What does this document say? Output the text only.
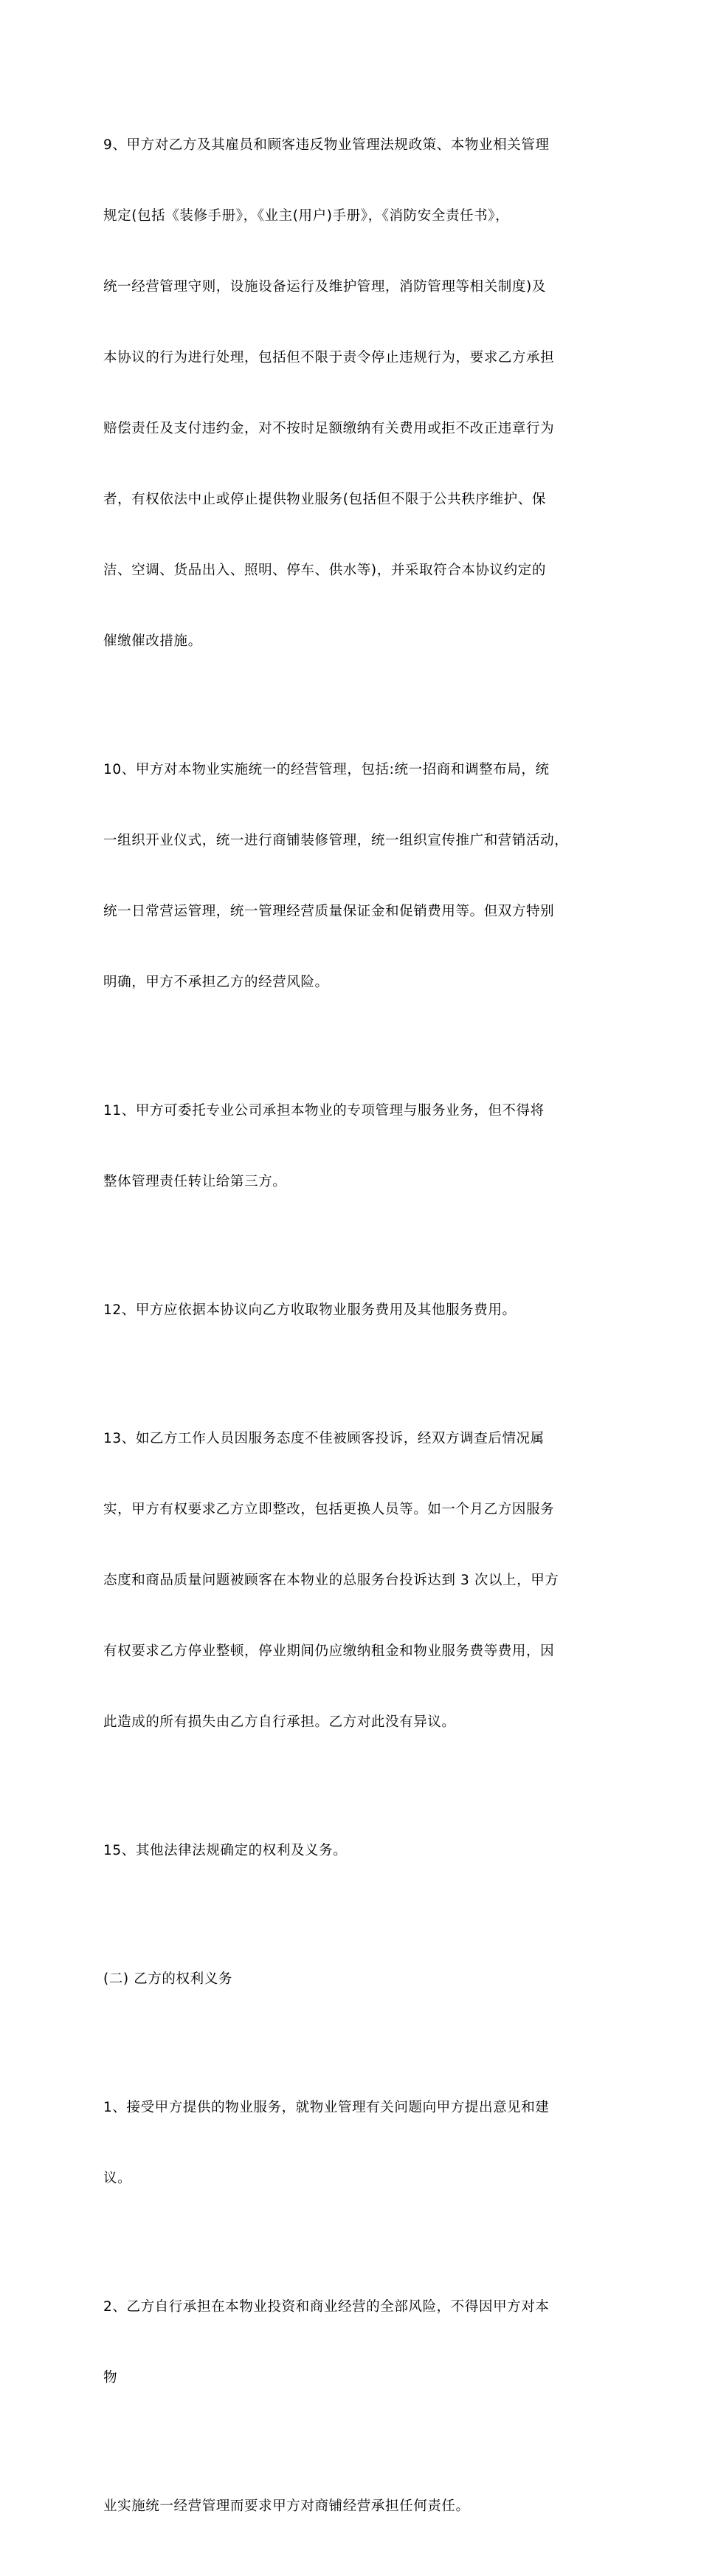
9、甲方对乙方及其雇员和顾客违反物业管理法规政策、本物业相关管理

规定(包括《装修手册》，《业主(用户)手册》，《消防安全责任书》，

统一经营管理守则，设施设备运行及维护管理，消防管理等相关制度)及

本协议的行为进行处理，包括但不限于责令停止违规行为，要求乙方承担

赔偿责任及支付违约金，对不按时足额缴纳有关费用或拒不改正违章行为

者，有权依法中止或停止提供物业服务(包括但不限于公共秩序维护、保

洁、空调、货品出入、照明、停车、供水等)，并采取符合本协议约定的

催缴催改措施。

10、甲方对本物业实施统一的经营管理，包括:统一招商和调整布局，统

一组织开业仪式，统一进行商铺装修管理，统一组织宣传推广和营销活动，

统一日常营运管理，统一管理经营质量保证金和促销费用等。但双方特别

明确，甲方不承担乙方的经营风险。

11、甲方可委托专业公司承担本物业的专项管理与服务业务，但不得将

整体管理责任转让给第三方。

12、甲方应依据本协议向乙方收取物业服务费用及其他服务费用。

13、如乙方工作人员因服务态度不佳被顾客投诉，经双方调查后情况属

实，甲方有权要求乙方立即整改，包括更换人员等。如一个月乙方因服务

态度和商品质量问题被顾客在本物业的总服务台投诉达到 3 次以上，甲方

有权要求乙方停业整顿，停业期间仍应缴纳租金和物业服务费等费用，因

此造成的所有损失由乙方自行承担。乙方对此没有异议。

15、其他法律法规确定的权利及义务。

(二) 乙方的权利义务

1、接受甲方提供的物业服务，就物业管理有关问题向甲方提出意见和建

议。

2、乙方自行承担在本物业投资和商业经营的全部风险，不得因甲方对本

物

业实施统一经营管理而要求甲方对商铺经营承担任何责任。
